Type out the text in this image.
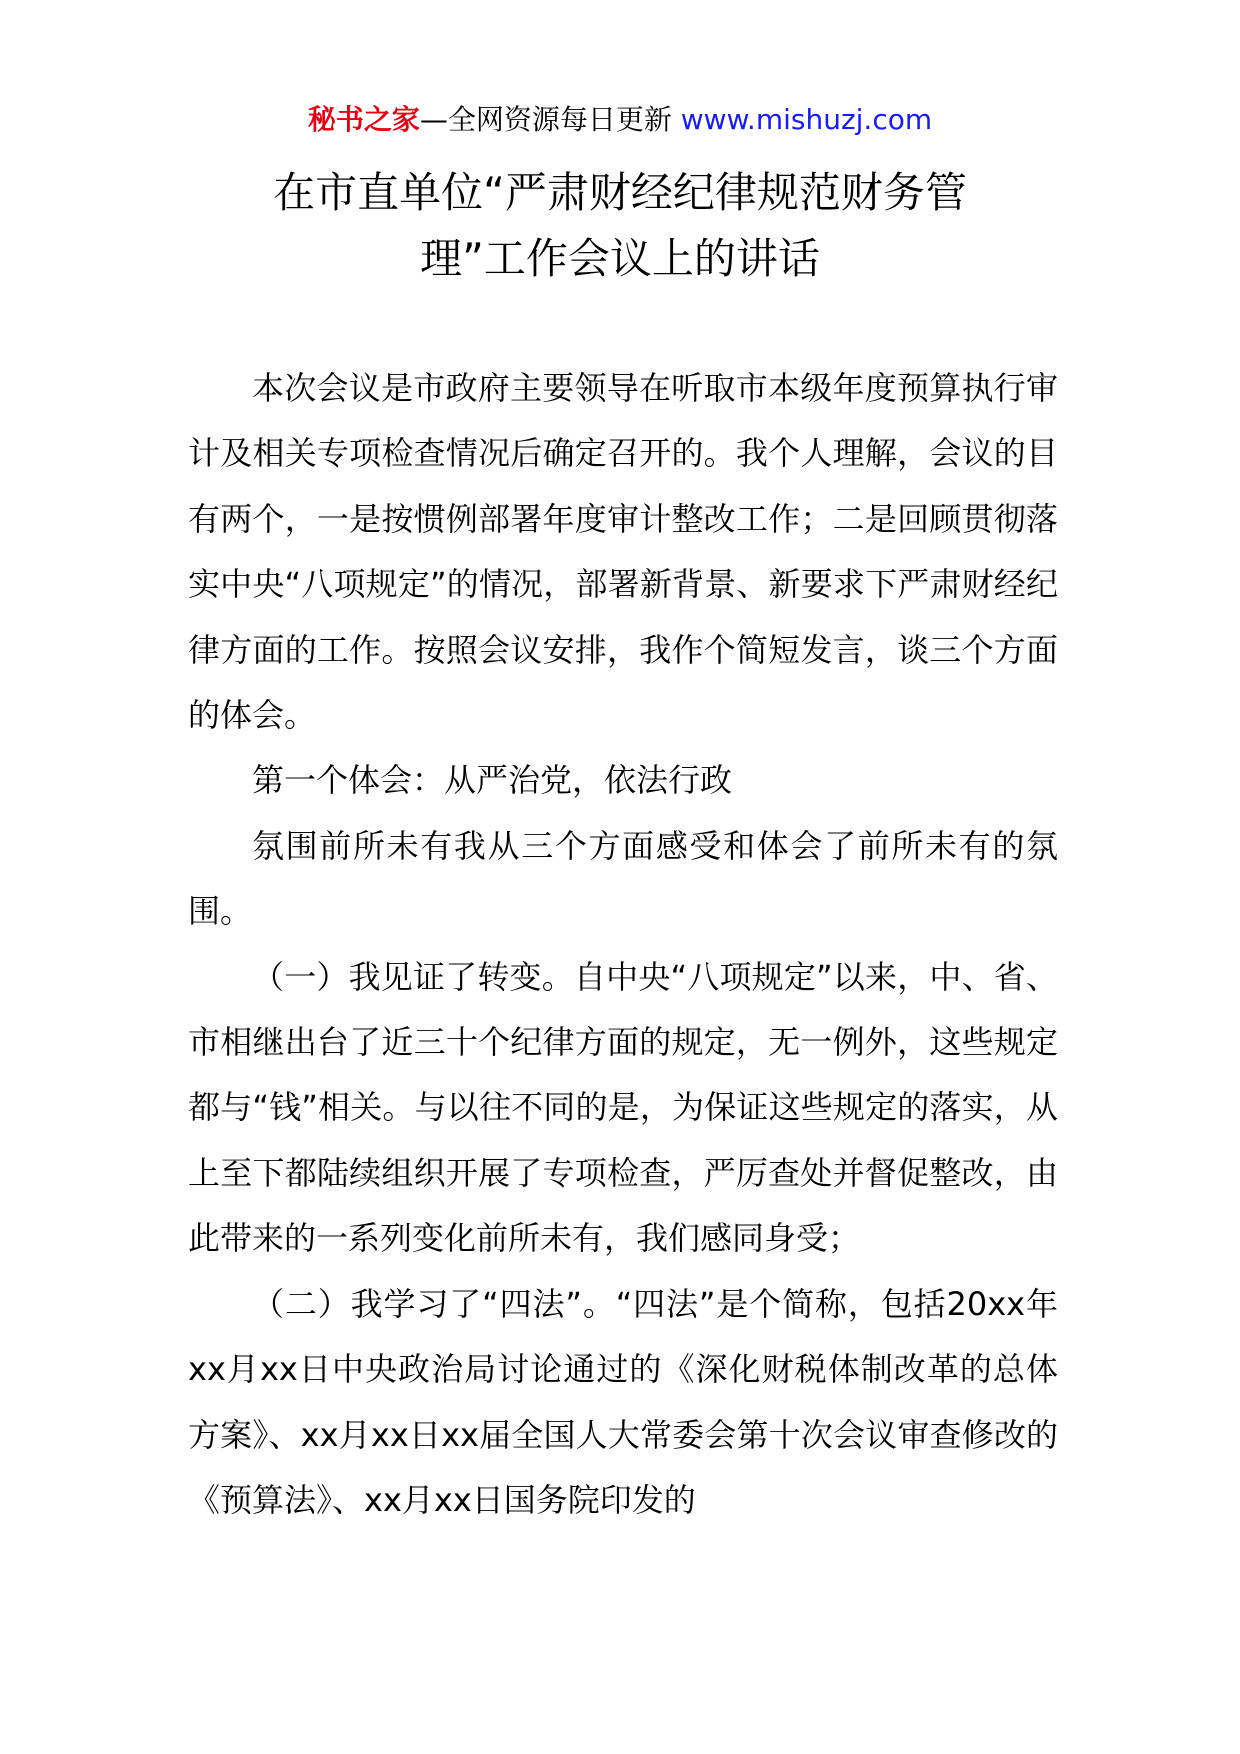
秘书之家—全网资源每日更新 www.mishuzj.com
在市直单位“严肃财经纪律规范财务管
理”工作会议上的讲话

本次会议是市政府主要领导在听取市本级年度预算执行审计及相关专项检查情况后确定召开的。我个人理解，会议的目有两个，一是按惯例部署年度审计整改工作；二是回顾贯彻落实中央“八项规定”的情况，部署新背景、新要求下严肃财经纪律方面的工作。按照会议安排，我作个简短发言，谈三个方面的体会。

第一个体会：从严治党，依法行政

氛围前所未有我从三个方面感受和体会了前所未有的氛围。

（一）我见证了转变。自中央“八项规定”以来，中、省、市相继出台了近三十个纪律方面的规定，无一例外，这些规定都与“钱”相关。与以往不同的是，为保证这些规定的落实，从上至下都陆续组织开展了专项检查，严厉查处并督促整改，由此带来的一系列变化前所未有，我们感同身受；

（二）我学习了“四法”。“四法”是个简称，包括20xx年xx月xx日中央政治局讨论通过的《深化财税体制改革的总体方案》、xx月xx日xx届全国人大常委会第十次会议审查修改的《预算法》、xx月xx日国务院印发的
